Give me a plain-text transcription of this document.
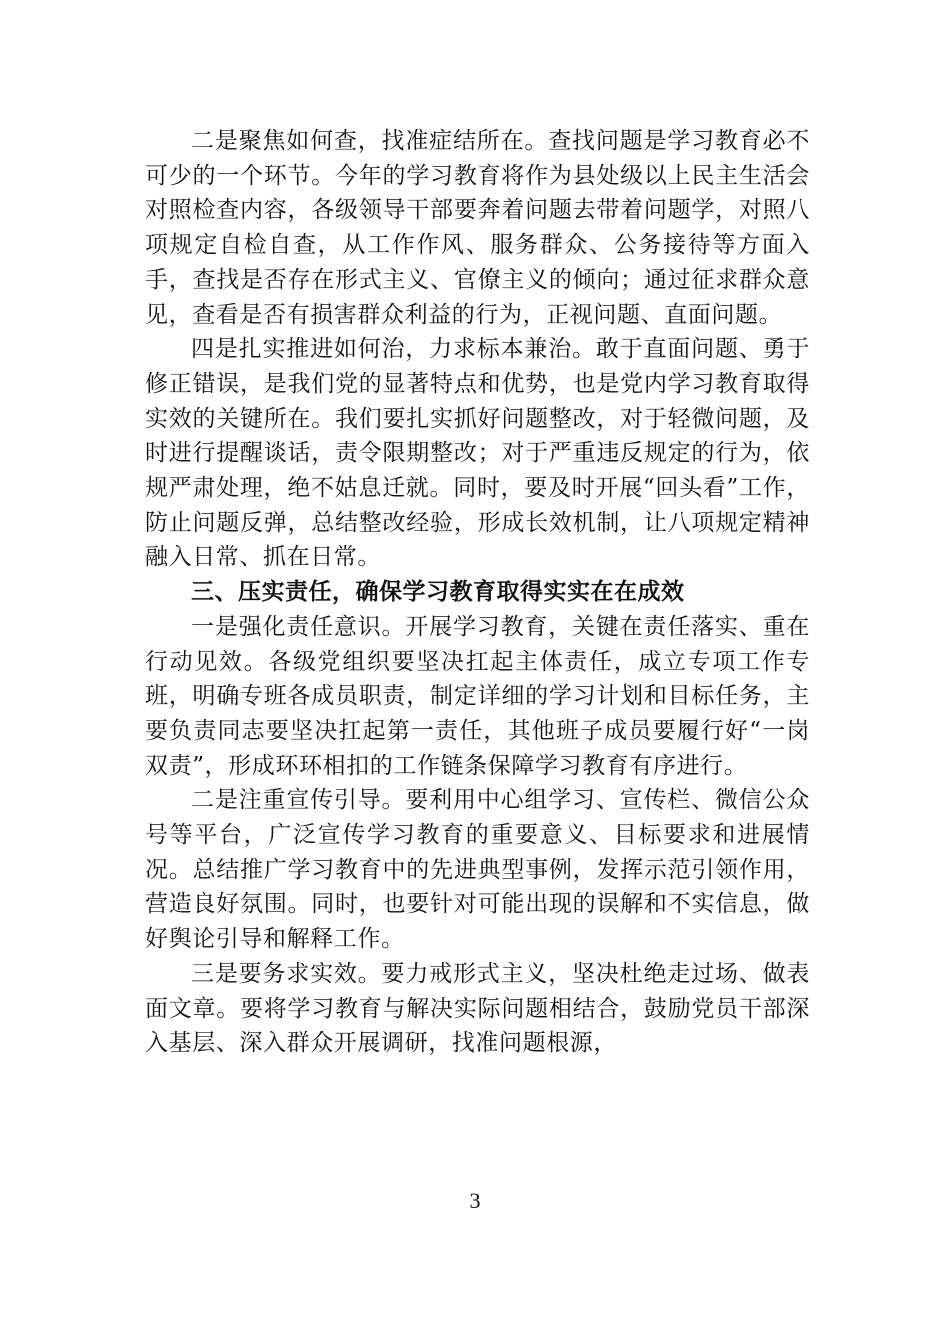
二是聚焦如何查，找准症结所在。查找问题是学习教育必不可少的一个环节。今年的学习教育将作为县处级以上民主生活会对照检查内容，各级领导干部要奔着问题去带着问题学，对照八项规定自检自查，从工作作风、服务群众、公务接待等方面入手，查找是否存在形式主义、官僚主义的倾向；通过征求群众意见，查看是否有损害群众利益的行为，正视问题、直面问题。

四是扎实推进如何治，力求标本兼治。敢于直面问题、勇于修正错误，是我们党的显著特点和优势，也是党内学习教育取得实效的关键所在。我们要扎实抓好问题整改，对于轻微问题，及时进行提醒谈话，责令限期整改；对于严重违反规定的行为，依规严肃处理，绝不姑息迁就。同时，要及时开展“回头看”工作，防止问题反弹，总结整改经验，形成长效机制，让八项规定精神融入日常、抓在日常。

三、压实责任，确保学习教育取得实实在在成效

一是强化责任意识。开展学习教育，关键在责任落实、重在行动见效。各级党组织要坚决扛起主体责任，成立专项工作专班，明确专班各成员职责，制定详细的学习计划和目标任务，主要负责同志要坚决扛起第一责任，其他班子成员要履行好“一岗双责”，形成环环相扣的工作链条保障学习教育有序进行。

二是注重宣传引导。要利用中心组学习、宣传栏、微信公众号等平台，广泛宣传学习教育的重要意义、目标要求和进展情况。总结推广学习教育中的先进典型事例，发挥示范引领作用，营造良好氛围。同时，也要针对可能出现的误解和不实信息，做好舆论引导和解释工作。

三是要务求实效。要力戒形式主义，坚决杜绝走过场、做表面文章。要将学习教育与解决实际问题相结合，鼓励党员干部深入基层、深入群众开展调研，找准问题根源，

3
